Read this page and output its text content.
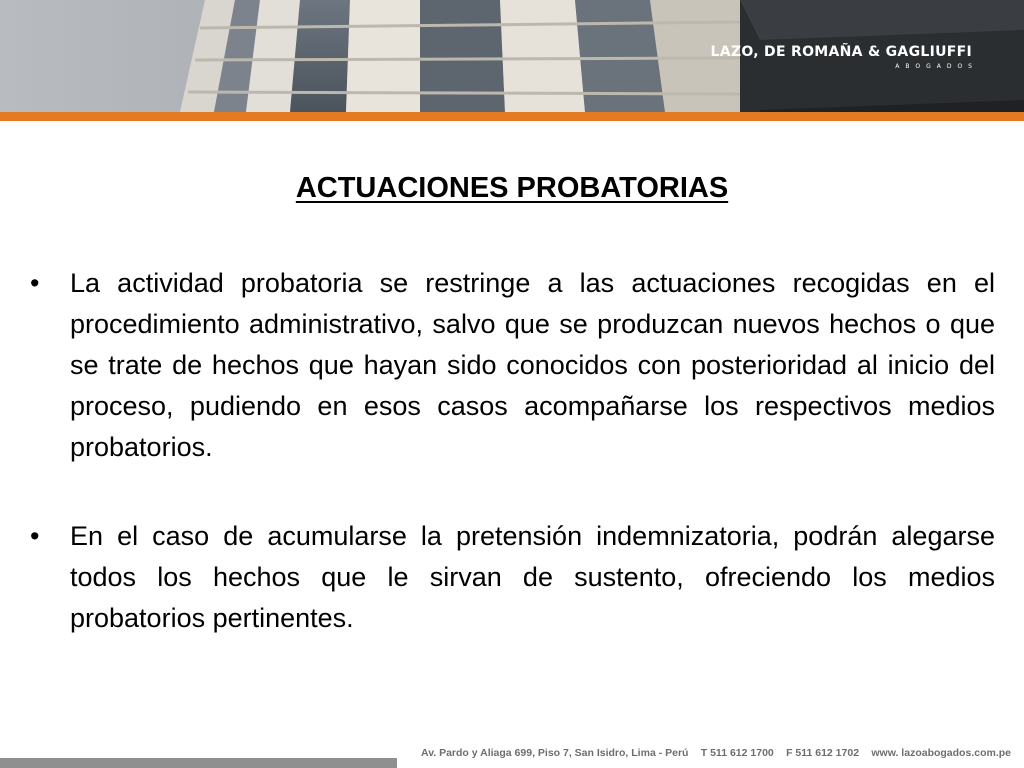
LAZO, DE ROMAÑA & GAGLIUFFI
ABOGADOS
ACTUACIONES PROBATORIAS
• La actividad probatoria se restringe a las actuaciones recogidas en el procedimiento administrativo, salvo que se produzcan nuevos hechos o que se trate de hechos que hayan sido conocidos con posterioridad al inicio del proceso, pudiendo en esos casos acompañarse los respectivos medios probatorios.
• En el caso de acumularse la pretensión indemnizatoria, podrán alegarse todos los hechos que le sirvan de sustento, ofreciendo los medios probatorios pertinentes.
Av. Pardo y Aliaga 699, Piso 7, San Isidro, Lima - Perú T 511 612 1700 F 511 612 1702 www. lazoabogados.com.pe
